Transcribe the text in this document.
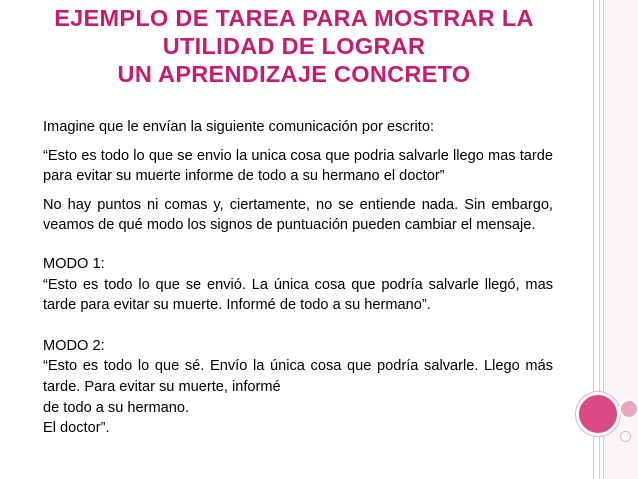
EJEMPLO DE TAREA PARA MOSTRAR LA
UTILIDAD DE LOGRAR
UN APRENDIZAJE CONCRETO

Imagine que le envían la siguiente comunicación por escrito:

“Esto es todo lo que se envio la unica cosa que podria salvarle llego mas tarde para evitar su muerte informe de todo a su hermano el doctor”

No hay puntos ni comas y, ciertamente, no se entiende nada. Sin embargo, veamos de qué modo los signos de puntuación pueden cambiar el mensaje.

MODO 1:

“Esto es todo lo que se envió. La única cosa que podría salvarle llegó, mas tarde para evitar su muerte. Informé de todo a su hermano”.

MODO 2:

“Esto es todo lo que sé. Envío la única cosa que podría salvarle. Llego más tarde. Para evitar su muerte, informé

de todo a su hermano.

El doctor”.
